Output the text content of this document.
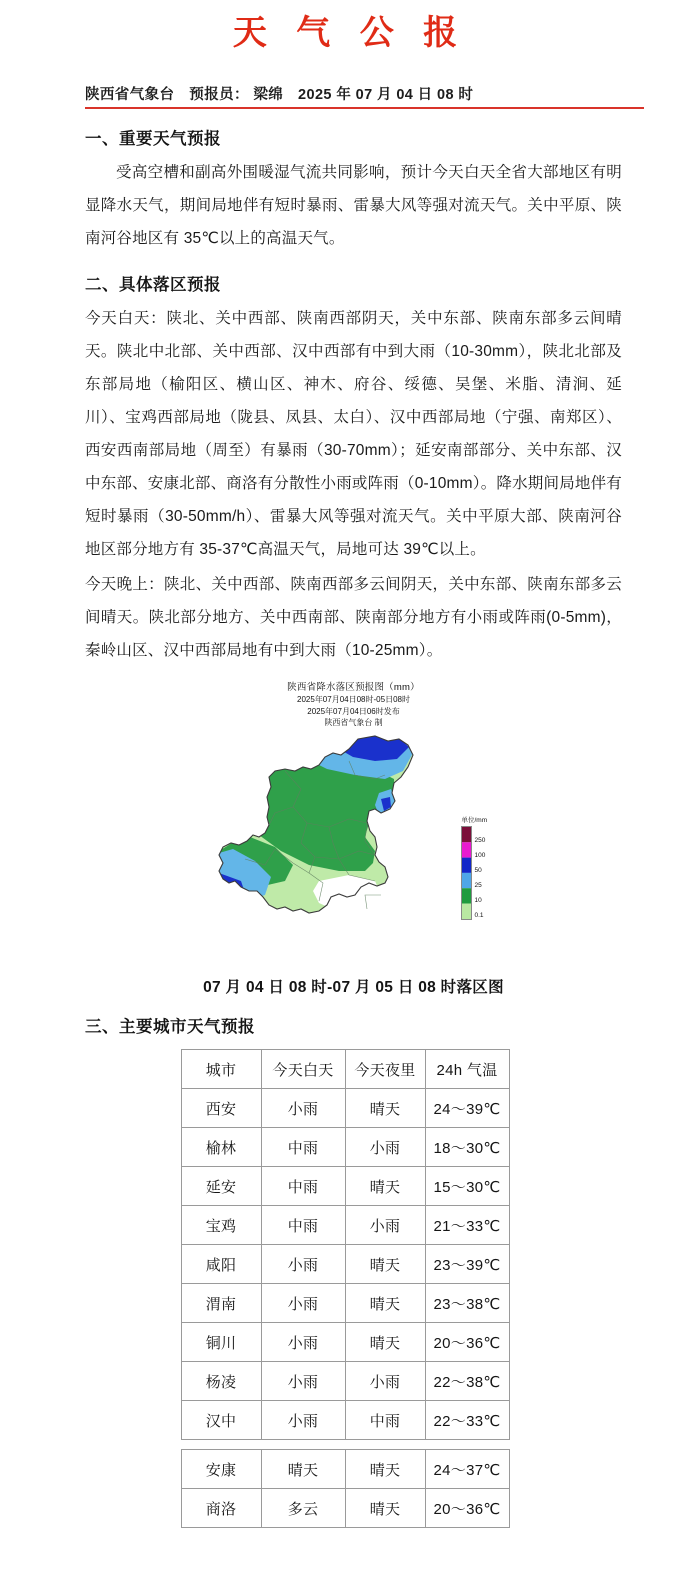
天 气 公 报
陕西省气象台　预报员： 梁绵　2025 年 07 月 04 日 08 时
一、重要天气预报

受高空槽和副高外围暖湿气流共同影响，预计今天白天全省大部地区有明显降水天气，期间局地伴有短时暴雨、雷暴大风等强对流天气。关中平原、陕南河谷地区有 35℃以上的高温天气。

二、具体落区预报

今天白天：陕北、关中西部、陕南西部阴天，关中东部、陕南东部多云间晴天。陕北中北部、关中西部、汉中西部有中到大雨（10-30mm），陕北北部及东部局地（榆阳区、横山区、神木、府谷、绥德、吴堡、米脂、清涧、延川）、宝鸡西部局地（陇县、凤县、太白）、汉中西部局地（宁强、南郑区）、西安西南部局地（周至）有暴雨（30-70mm）；延安南部部分、关中东部、汉中东部、安康北部、商洛有分散性小雨或阵雨（0-10mm）。降水期间局地伴有短时暴雨（30-50mm/h）、雷暴大风等强对流天气。关中平原大部、陕南河谷地区部分地方有 35-37℃高温天气，局地可达 39℃以上。

今天晚上：陕北、关中西部、陕南西部多云间阴天，关中东部、陕南东部多云间晴天。陕北部分地方、关中西南部、陕南部分地方有小雨或阵雨(0-5mm)，秦岭山区、汉中西部局地有中到大雨（10-25mm）。

陕西省降水落区预报图（mm）
2025年07月04日08时-05日08时
2025年07月04日06时发布
陕西省气象台 制
单位/mm
250
100
50
25
10
0.1
07 月 04 日 08 时-07 月 05 日 08 时落区图
三、主要城市天气预报
城市	今天白天	今天夜里	24h 气温
西安	小雨	晴天	24～39℃
榆林	中雨	小雨	18～30℃
延安	中雨	晴天	15～30℃
宝鸡	中雨	小雨	21～33℃
咸阳	小雨	晴天	23～39℃
渭南	小雨	晴天	23～38℃
铜川	小雨	晴天	20～36℃
杨凌	小雨	小雨	22～38℃
汉中	小雨	中雨	22～33℃

安康	晴天	晴天	24～37℃
商洛	多云	晴天	20～36℃
